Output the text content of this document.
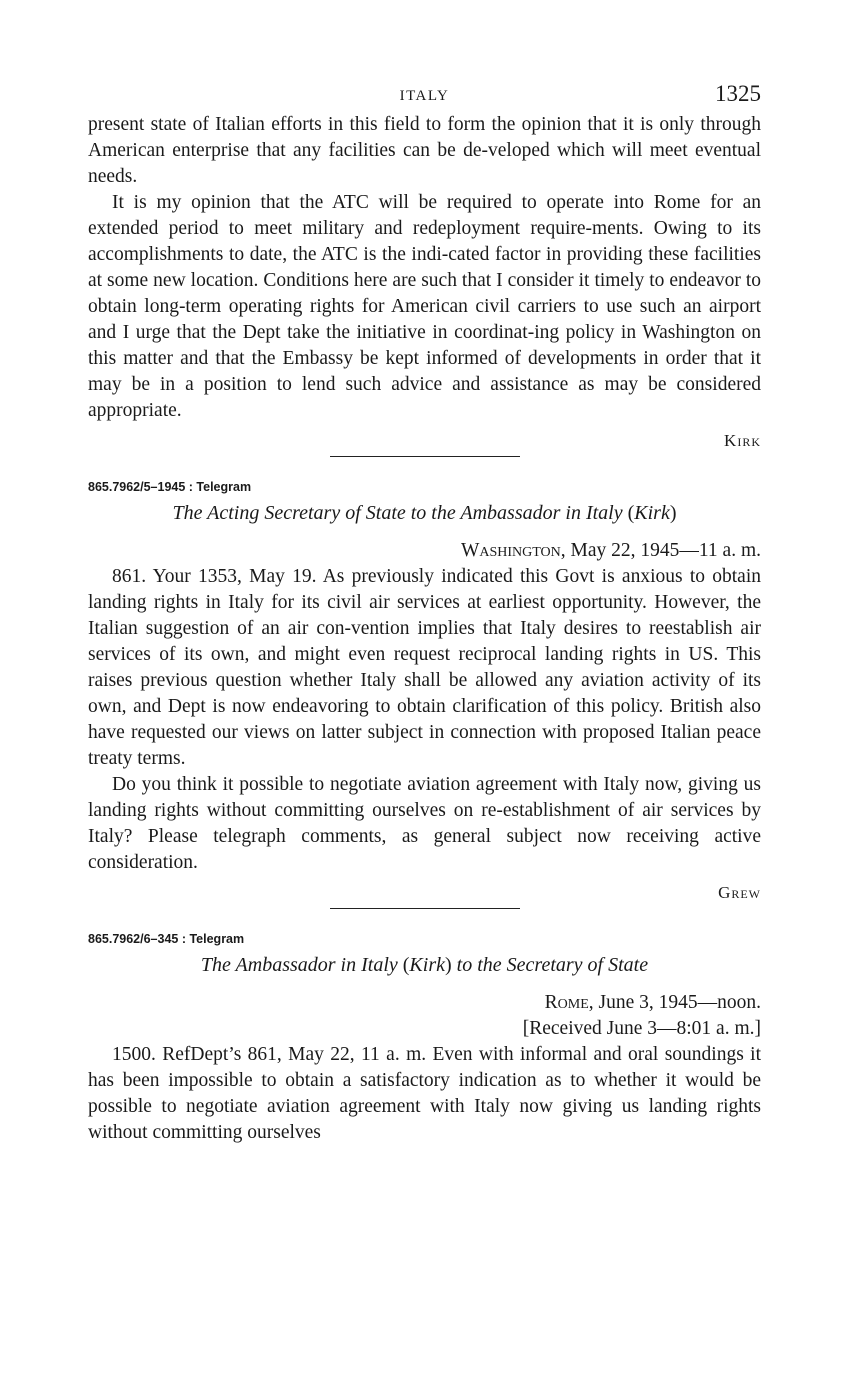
ITALY	1325

present state of Italian efforts in this field to form the opinion that it is only through American enterprise that any facilities can be de-veloped which will meet eventual needs.

It is my opinion that the ATC will be required to operate into Rome for an extended period to meet military and redeployment require-ments. Owing to its accomplishments to date, the ATC is the indi-cated factor in providing these facilities at some new location. Conditions here are such that I consider it timely to endeavor to obtain long-term operating rights for American civil carriers to use such an airport and I urge that the Dept take the initiative in coordinat-ing policy in Washington on this matter and that the Embassy be kept informed of developments in order that it may be in a position to lend such advice and assistance as may be considered appropriate.

Kirk
865.7962/5–1945 : Telegram
The Acting Secretary of State to the Ambassador in Italy (Kirk)
Washington, May 22, 1945—11 a. m.

861. Your 1353, May 19. As previously indicated this Govt is anxious to obtain landing rights in Italy for its civil air services at earliest opportunity. However, the Italian suggestion of an air con-vention implies that Italy desires to reestablish air services of its own, and might even request reciprocal landing rights in US. This raises previous question whether Italy shall be allowed any aviation activity of its own, and Dept is now endeavoring to obtain clarification of this policy. British also have requested our views on latter subject in connection with proposed Italian peace treaty terms.

Do you think it possible to negotiate aviation agreement with Italy now, giving us landing rights without committing ourselves on re-establishment of air services by Italy? Please telegraph comments, as general subject now receiving active consideration.

Grew
865.7962/6–345 : Telegram
The Ambassador in Italy (Kirk) to the Secretary of State
Rome, June 3, 1945—noon.
[Received June 3—8:01 a. m.]

1500. RefDept’s 861, May 22, 11 a. m. Even with informal and oral soundings it has been impossible to obtain a satisfactory indication as to whether it would be possible to negotiate aviation agreement with Italy now giving us landing rights without committing ourselves
